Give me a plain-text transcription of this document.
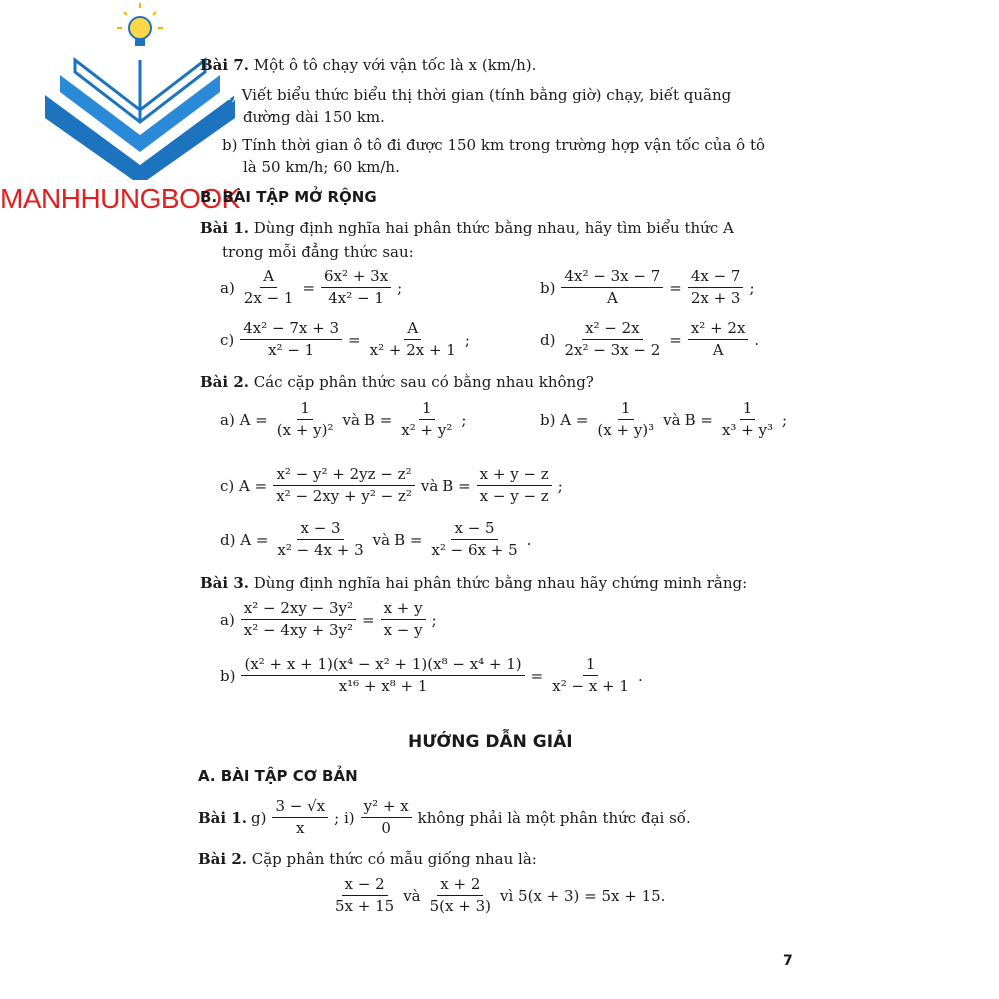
MANHHUNGBOOK
Bài 7. Một ô tô chạy với vận tốc là x (km/h).
a) Viết biểu thức biểu thị thời gian (tính bằng giờ) chạy, biết quãng
đường dài 150 km.
b) Tính thời gian ô tô đi được 150 km trong trường hợp vận tốc của ô tô
là 50 km/h; 60 km/h.
B. BÀI TẬP MỞ RỘNG
Bài 1. Dùng định nghĩa hai phân thức bằng nhau, hãy tìm biểu thức A
trong mỗi đẳng thức sau:
$a) \frac{A}{2x - 1} = \frac{\text{6x² + 3x}}{\text{4x² − 1}}$ ;	$b) \frac{\text{4x² − 3x − 7}}{A} = \frac{4x - 7}{2x + 3}$ ;
$c) \frac{\text{4x² − 7x + 3}}{\text{x² − 1}} = \frac{A}{\text{x² + 2x + 1}}$ ;	$d) \frac{\text{x² − 2x}}{\text{2x² − 3x − 2}} = \frac{\text{x² + 2x}}{A}$ .
Bài 2. Các cặp phân thức sau có bằng nhau không?
a) $A = \frac{1}{\text{(x + y)²}}$ và $B = \frac{1}{\text{x² + y²}}$ ;	b) $A = \frac{1}{\text{(x + y)³}}$ và $B = \frac{1}{\text{x³ + y³}}$ ;
c) $A = \frac{\text{x² − y² + 2yz − z²}}{\text{x² − 2xy + y² − z²}}$ và $B = \frac{x + y - z}{x - y - z}$ ;
d) $A = \frac{x - 3}{\text{x² − 4x + 3}}$ và $B = \frac{x - 5}{\text{x² − 6x + 5}}$ .
Bài 3. Dùng định nghĩa hai phân thức bằng nhau hãy chứng minh rằng:
$a) \frac{\text{x² − 2xy − 3y²}}{\text{x² − 4xy + 3y²}} = \frac{x + y}{x - y}$ ;
$b) \frac{\text{(x² + x + 1)(x⁴ − x² + 1)(x⁸ − x⁴ + 1)}}{\text{x¹⁶ + x⁸ + 1}} = \frac{1}{\text{x² − x + 1}}$ .
HƯỚNG DẪN GIẢI
A. BÀI TẬP CƠ BẢN
Bài 1. $g) \frac{3 - √x}{x}$ ; $i) \frac{\text{y² + x}}{0}$ không phải là một phân thức đại số.
Bài 2. Cặp phân thức có mẫu giống nhau là:
$\frac{x - 2}{5x + 15}$ và $\frac{x + 2}{5(x + 3)}$ vì 5(x + 3) = 5x + 15.
7
